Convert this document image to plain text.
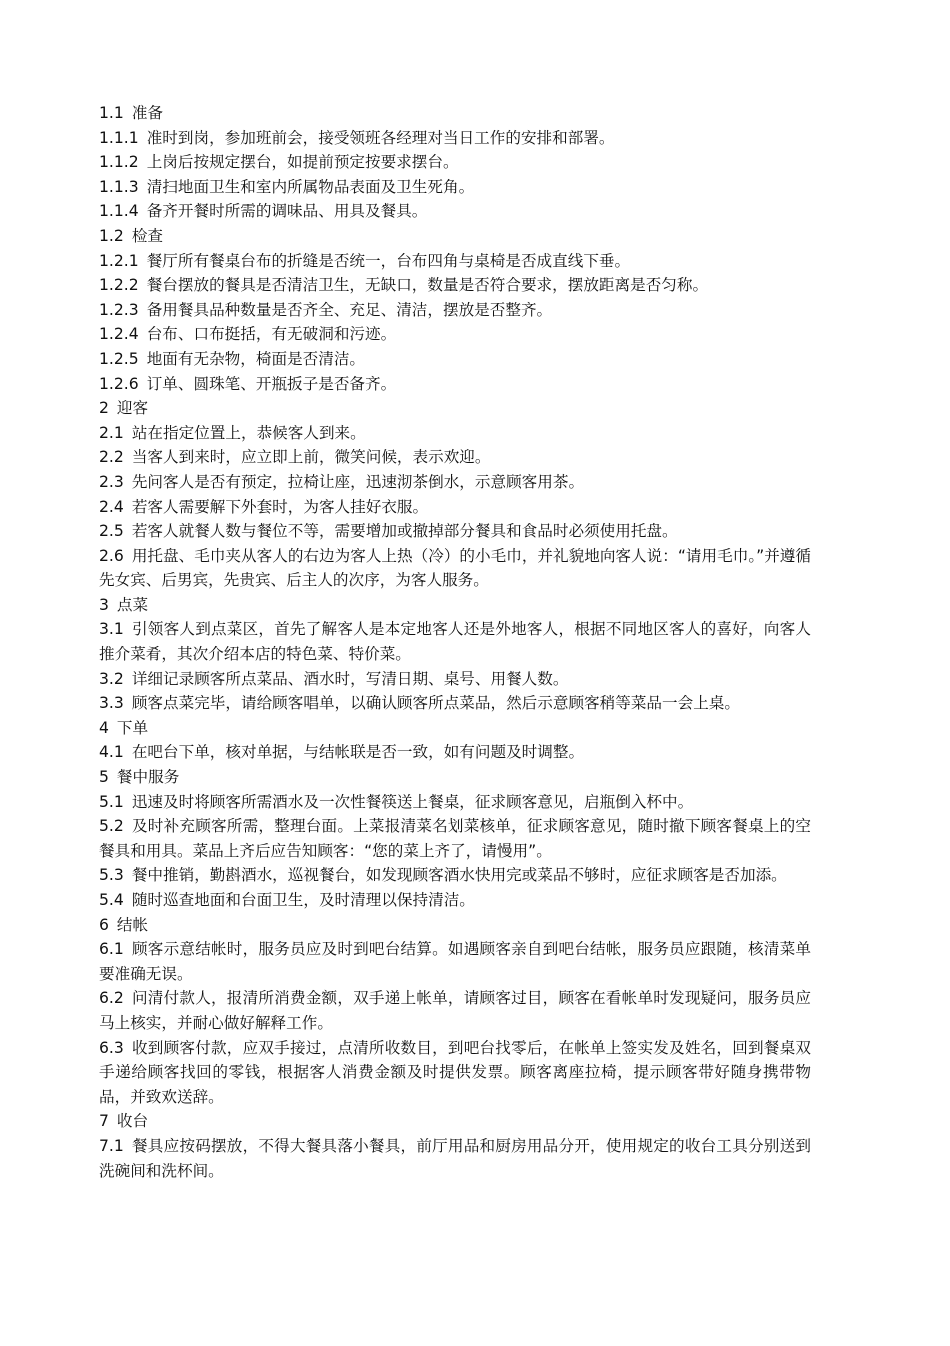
1.1 准备

1.1.1 准时到岗，参加班前会，接受领班各经理对当日工作的安排和部署。

1.1.2 上岗后按规定摆台，如提前预定按要求摆台。

1.1.3 清扫地面卫生和室内所属物品表面及卫生死角。

1.1.4 备齐开餐时所需的调味品、用具及餐具。

1.2 检查

1.2.1 餐厅所有餐桌台布的折缝是否统一，台布四角与桌椅是否成直线下垂。

1.2.2 餐台摆放的餐具是否清洁卫生，无缺口，数量是否符合要求，摆放距离是否匀称。

1.2.3 备用餐具品种数量是否齐全、充足、清洁，摆放是否整齐。

1.2.4 台布、口布挺括，有无破洞和污迹。

1.2.5 地面有无杂物，椅面是否清洁。

1.2.6 订单、圆珠笔、开瓶扳子是否备齐。

2 迎客

2.1 站在指定位置上，恭候客人到来。

2.2 当客人到来时，应立即上前，微笑问候，表示欢迎。

2.3 先问客人是否有预定，拉椅让座，迅速沏茶倒水，示意顾客用茶。

2.4 若客人需要解下外套时，为客人挂好衣服。

2.5 若客人就餐人数与餐位不等，需要增加或撤掉部分餐具和食品时必须使用托盘。

2.6 用托盘、毛巾夹从客人的右边为客人上热（冷）的小毛巾，并礼貌地向客人说：“请用毛巾。”并遵循先女宾、后男宾，先贵宾、后主人的次序，为客人服务。

3 点菜

3.1 引领客人到点菜区，首先了解客人是本定地客人还是外地客人，根据不同地区客人的喜好，向客人推介菜肴，其次介绍本店的特色菜、特价菜。

3.2 详细记录顾客所点菜品、酒水时，写清日期、桌号、用餐人数。

3.3 顾客点菜完毕，请给顾客唱单，以确认顾客所点菜品，然后示意顾客稍等菜品一会上桌。

4 下单

4.1 在吧台下单，核对单据，与结帐联是否一致，如有问题及时调整。

5 餐中服务

5.1 迅速及时将顾客所需酒水及一次性餐筷送上餐桌，征求顾客意见，启瓶倒入杯中。

5.2 及时补充顾客所需，整理台面。上菜报清菜名划菜核单，征求顾客意见，随时撤下顾客餐桌上的空餐具和用具。菜品上齐后应告知顾客：“您的菜上齐了，请慢用”。

5.3 餐中推销，勤斟酒水，巡视餐台，如发现顾客酒水快用完或菜品不够时，应征求顾客是否加添。

5.4 随时巡查地面和台面卫生，及时清理以保持清洁。

6 结帐

6.1 顾客示意结帐时，服务员应及时到吧台结算。如遇顾客亲自到吧台结帐，服务员应跟随，核清菜单要准确无误。

6.2 问清付款人，报清所消费金额，双手递上帐单，请顾客过目，顾客在看帐单时发现疑问，服务员应马上核实，并耐心做好解释工作。

6.3 收到顾客付款，应双手接过，点清所收数目，到吧台找零后，在帐单上签实发及姓名，回到餐桌双手递给顾客找回的零钱，根据客人消费金额及时提供发票。顾客离座拉椅，提示顾客带好随身携带物品，并致欢送辞。

7 收台

7.1 餐具应按码摆放，不得大餐具落小餐具，前厅用品和厨房用品分开，使用规定的收台工具分别送到洗碗间和洗杯间。
